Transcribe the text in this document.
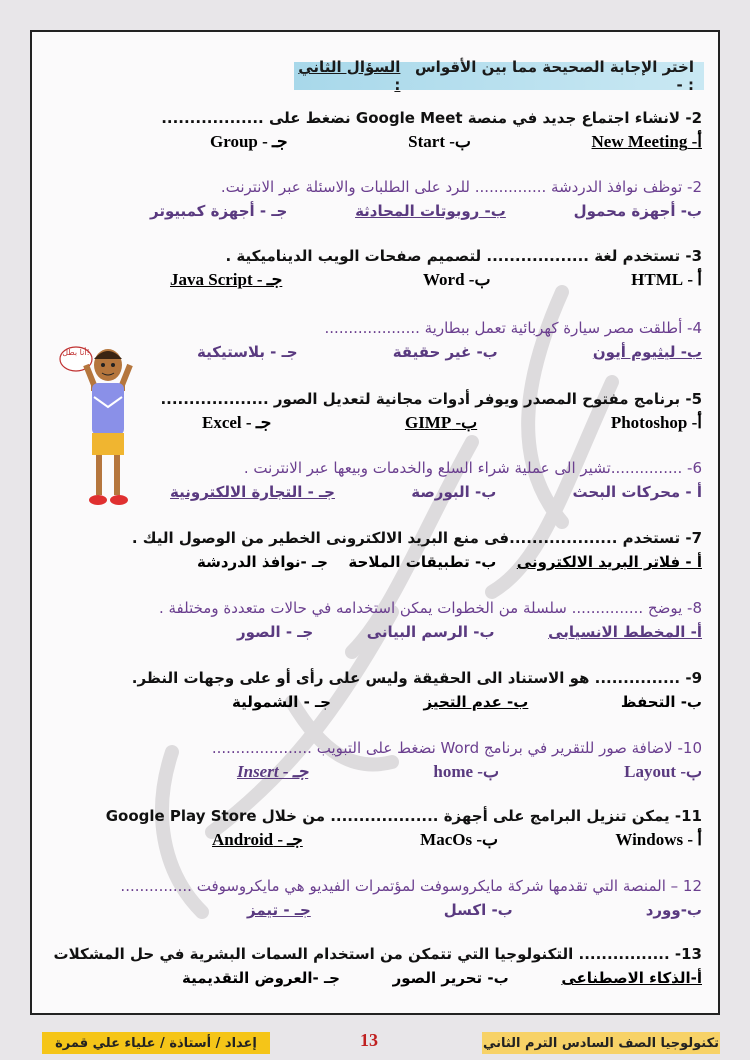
اختر الإجابة الصحيحة مما بين الأقواس : -

السؤال الثاني :
2- لانشاء اجتماع جديد في منصة Google Meet نضغط على ..................
أ- New Meeting
ب- Start
جـ - Group
2- توظف نوافذ الدردشة ............... للرد على الطلبات والاسئلة عبر الانترنت.
ب- أجهزة محمول
ب- روبوتات المحادثة
جـ - أجهزة كمبيوتر
3- تستخدم لغة .................. لتصميم صفحات الويب الديناميكية .
أ - HTML
ب- Word
جـ - Java Script
4- أطلقت مصر سيارة كهربائية تعمل ببطارية ....................
ب- ليثيوم أيون
ب- غير حقيقة
جـ - بلاستيكية
5- برنامج مفتوح المصدر ويوفر أدوات مجانية لتعديل الصور ...................
أ- Photoshop
ب- GIMP
جـ - Excel
6- ...............تشير الى عملية شراء السلع والخدمات وبيعها عبر الانترنت .
أ - محركات البحث
ب- البورصة
جـ - التجارة الالكترونية
7- تستخدم ...................فى منع البريد الالكترونى الخطير من الوصول اليك .
أ - فلاتر البريد الالكترونى
ب- تطبيقات الملاحة
جـ -نوافذ الدردشة
8- يوضح ............... سلسلة من الخطوات يمكن استخدامه في حالات متعددة ومختلفة .
أ- المخطط الانسيابى
ب- الرسم البيانى
جـ - الصور
9- ............... هو الاستناد الى الحقيقة وليس على رأى أو على وجهات النظر.
ب- التحفظ
ب- عدم التحيز
جـ - الشمولية
10- لاضافة صور للتقرير في برنامج Word نضغط على التبويب .....................
ب- Layout
ب- home
جـ - Insert
11- يمكن تنزيل البرامج على أجهزة ................... من خلال Google Play Store
أ - Windows
ب- MacOs
جـ - Android
12 – المنصة التي تقدمها شركة مايكروسوفت لمؤتمرات الفيديو هي مايكروسوفت ...............
ب-وورد
ب- اكسل
جـ - تيمز
13- ................ التكنولوجيا التي تتمكن من استخدام السمات البشرية في حل المشكلات
أ-الذكاء الاصطناعى
ب- تحرير الصور
جـ -العروض التقديمية
أنا بطل!
إعداد / أستاذة / علياء علي قمرة	13	تكنولوجيا الصف السادس الترم الثاني
